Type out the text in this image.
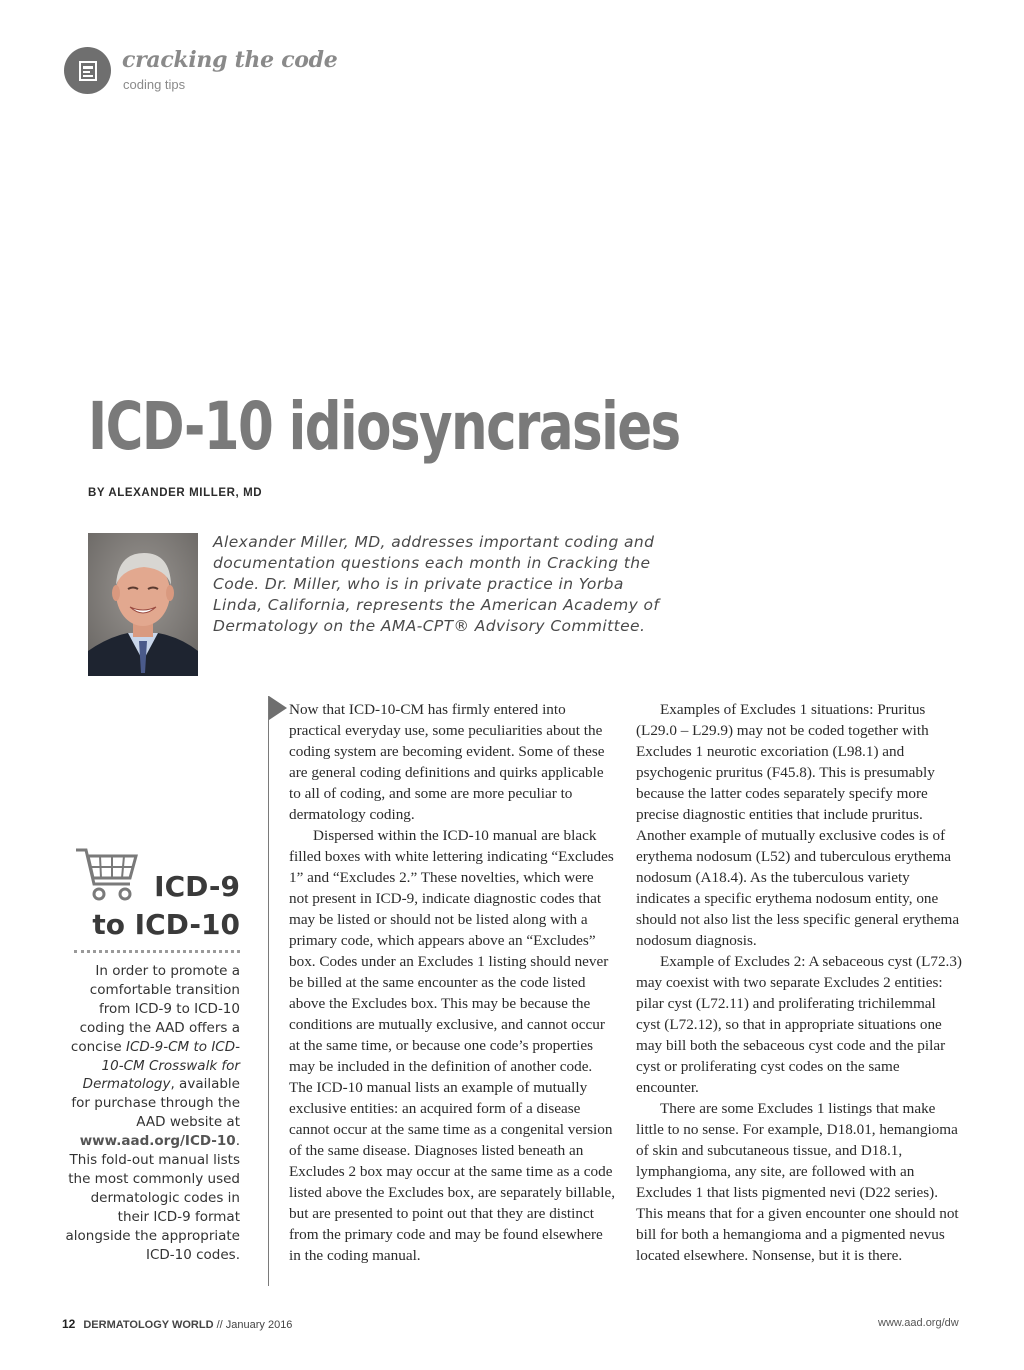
cracking the code
coding tips
ICD-10 idiosyncrasies
BY ALEXANDER MILLER, MD
Alexander Miller, MD, addresses important coding and documentation questions each month in Cracking the Code. Dr. Miller, who is in private practice in Yorba Linda, California, represents the American Academy of Dermatology on the AMA-CPT® Advisory Committee.
ICD-9
to ICD-10
In order to promote a comfortable transition from ICD-9 to ICD-10 coding the AAD offers a concise ICD-9-CM to ICD-10-CM Crosswalk for Dermatology, available for purchase through the AAD website at www.aad.org/ICD-10. This fold-out manual lists the most commonly used dermatologic codes in their ICD-9 format alongside the appropriate ICD-10 codes.

Now that ICD-10-CM has firmly entered into practical everyday use, some peculiarities about the coding system are becoming evident. Some of these are general coding definitions and quirks applicable to all of coding, and some are more peculiar to dermatology coding.

Dispersed within the ICD-10 manual are black filled boxes with white lettering indicating “Excludes 1” and “Excludes 2.” These novelties, which were not present in ICD-9, indicate diagnostic codes that may be listed or should not be listed along with a primary code, which appears above an “Excludes” box. Codes under an Excludes 1 listing should never be billed at the same encounter as the code listed above the Excludes box. This may be because the conditions are mutually exclusive, and cannot occur at the same time, or because one code’s properties may be included in the definition of another code. The ICD-10 manual lists an example of mutually exclusive entities: an acquired form of a disease cannot occur at the same time as a congenital version of the same disease. Diagnoses listed beneath an Excludes 2 box may occur at the same time as a code listed above the Excludes box, are separately billable, but are presented to point out that they are distinct from the primary code and may be found elsewhere in the coding manual.

Examples of Excludes 1 situations: Pruritus (L29.0 – L29.9) may not be coded together with Excludes 1 neurotic excoriation (L98.1) and psychogenic pruritus (F45.8). This is presumably because the latter codes separately specify more precise diagnostic entities that include pruritus. Another example of mutually exclusive codes is of erythema nodosum (L52) and tuberculous erythema nodosum (A18.4). As the tuberculous variety indicates a specific erythema nodosum entity, one should not also list the less specific general erythema nodosum diagnosis.

Example of Excludes 2: A sebaceous cyst (L72.3) may coexist with two separate Excludes 2 entities: pilar cyst (L72.11) and proliferating trichilemmal cyst (L72.12), so that in appropriate situations one may bill both the sebaceous cyst code and the pilar cyst or proliferating cyst codes on the same encounter.

There are some Excludes 1 listings that make little to no sense. For example, D18.01, hemangioma of skin and subcutaneous tissue, and D18.1, lymphangioma, any site, are followed with an Excludes 1 that lists pigmented nevi (D22 series). This means that for a given encounter one should not bill for both a hemangioma and a pigmented nevus located elsewhere. Nonsense, but it is there.

12 DERMATOLOGY WORLD // January 2016	www.aad.org/dw
